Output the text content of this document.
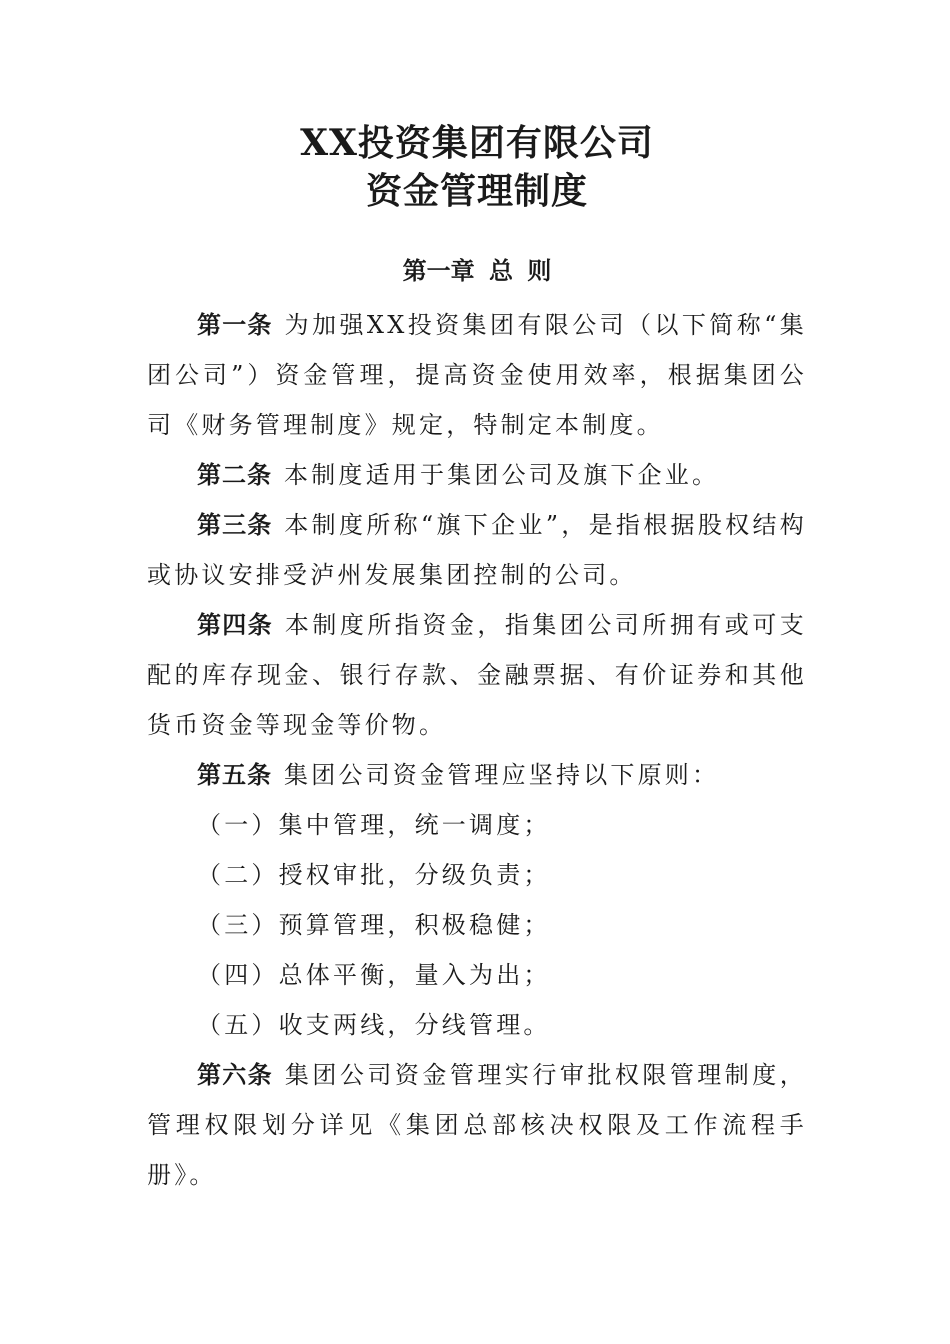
XX投资集团有限公司
资金管理制度
第一章 总 则

第一条 为加强XX投资集团有限公司（以下简称“集团公司”）资金管理，提高资金使用效率，根据集团公司《财务管理制度》规定，特制定本制度。

第二条 本制度适用于集团公司及旗下企业。

第三条 本制度所称“旗下企业”，是指根据股权结构或协议安排受泸州发展集团控制的公司。

第四条 本制度所指资金，指集团公司所拥有或可支配的库存现金、银行存款、金融票据、有价证券和其他货币资金等现金等价物。

第五条 集团公司资金管理应坚持以下原则：

（一）集中管理，统一调度；

（二）授权审批，分级负责；

（三）预算管理，积极稳健；

（四）总体平衡，量入为出；

（五）收支两线，分线管理。

第六条 集团公司资金管理实行审批权限管理制度，管理权限划分详见《集团总部核决权限及工作流程手册》。
